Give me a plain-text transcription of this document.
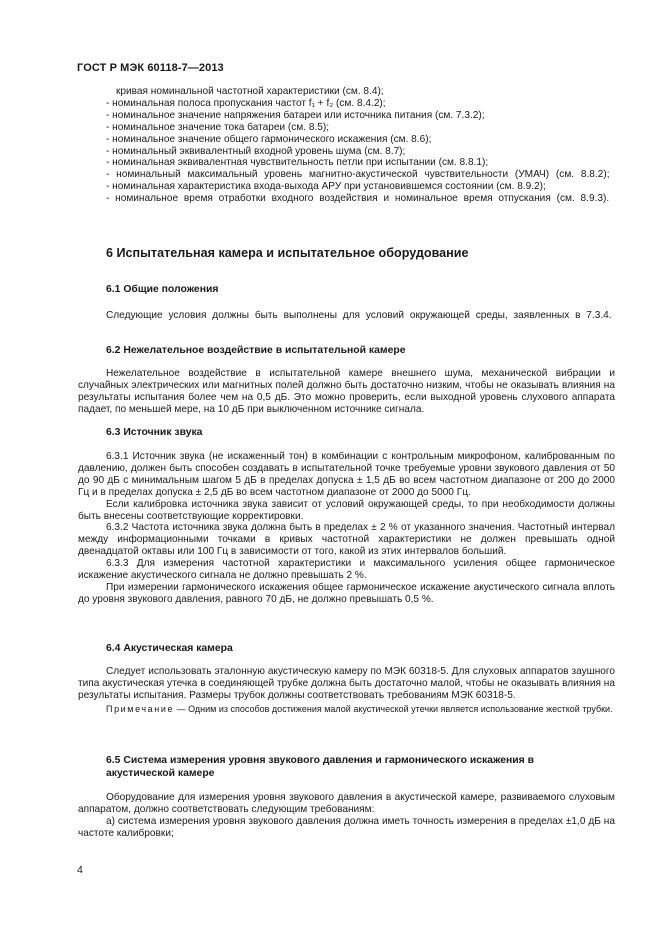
ГОСТ Р МЭК 60118-7—2013

кривая номинальной частотной характеристики (см. 8.4);

- номинальная полоса пропускания частот f₁ + f₂ (см. 8.4.2);

- номинальное значение напряжения батареи или источника питания (см. 7.3.2);

- номинальное значение тока батареи (см. 8.5);

- номинальное значение общего гармонического искажения (см. 8.6);

- номинальный эквивалентный входной уровень шума (см. 8.7);

- номинальная эквивалентная чувствительность петли при испытании (см. 8.8.1);

- номинальный максимальный уровень магнитно-акустической чувствительности (УМАЧ) (см. 8.8.2);

- номинальная характеристика входа-выхода АРУ при установившемся состоянии (см. 8.9.2);

- номинальное время отработки входного воздействия и номинальное время отпускания (см. 8.9.3).

6 Испытательная камера и испытательное оборудование
6.1 Общие положения

Следующие условия должны быть выполнены для условий окружающей среды, заявленных в 7.3.4.

6.2 Нежелательное воздействие в испытательной камере

Нежелательное воздействие в испытательной камере внешнего шума, механической вибрации и случайных электрических или магнитных полей должно быть достаточно низким, чтобы не оказывать влияния на результаты испытания более чем на 0,5 дБ. Это можно проверить, если выходной уровень слухового аппарата падает, по меньшей мере, на 10 дБ при выключенном источнике сигнала.

6.3 Источник звука

6.3.1 Источник звука (не искаженный тон) в комбинации с контрольным микрофоном, калиброванным по давлению, должен быть способен создавать в испытательной точке требуемые уровни звукового давления от 50 до 90 дБ с минимальным шагом 5 дБ в пределах допуска ± 1,5 дБ во всем частотном диапазоне от 200 до 2000 Гц и в пределах допуска ± 2,5 дБ во всем частотном диапазоне от 2000 до 5000 Гц.

Если калибровка источника звука зависит от условий окружающей среды, то при необходимости должны быть внесены соответствующие корректировки.

6.3.2 Частота источника звука должна быть в пределах ± 2 % от указанного значения. Частотный интервал между информационными точками в кривых частотной характеристики не должен превышать одной двенадцатой октавы или 100 Гц в зависимости от того, какой из этих интервалов больший.

6.3.3 Для измерения частотной характеристики и максимального усиления общее гармоническое искажение акустического сигнала не должно превышать 2 %.

При измерении гармонического искажения общее гармоническое искажение акустического сигнала вплоть до уровня звукового давления, равного 70 дБ, не должно превышать 0,5 %.

6.4 Акустическая камера

Следует использовать эталонную акустическую камеру по МЭК 60318-5. Для слуховых аппаратов заушного типа акустическая утечка в соединяющей трубке должна быть достаточно малой, чтобы не оказывать влияния на результаты испытания. Размеры трубок должны соответствовать требованиям МЭК 60318-5.

Примечание — Одним из способов достижения малой акустической утечки является использование жесткой трубки.

6.5 Система измерения уровня звукового давления и гармонического искажения в акустической камере

Оборудование для измерения уровня звукового давления в акустической камере, развиваемого слуховым аппаратом, должно соответствовать следующим требованиям:

а) система измерения уровня звукового давления должна иметь точность измерения в пределах ±1,0 дБ на частоте калибровки;

4
